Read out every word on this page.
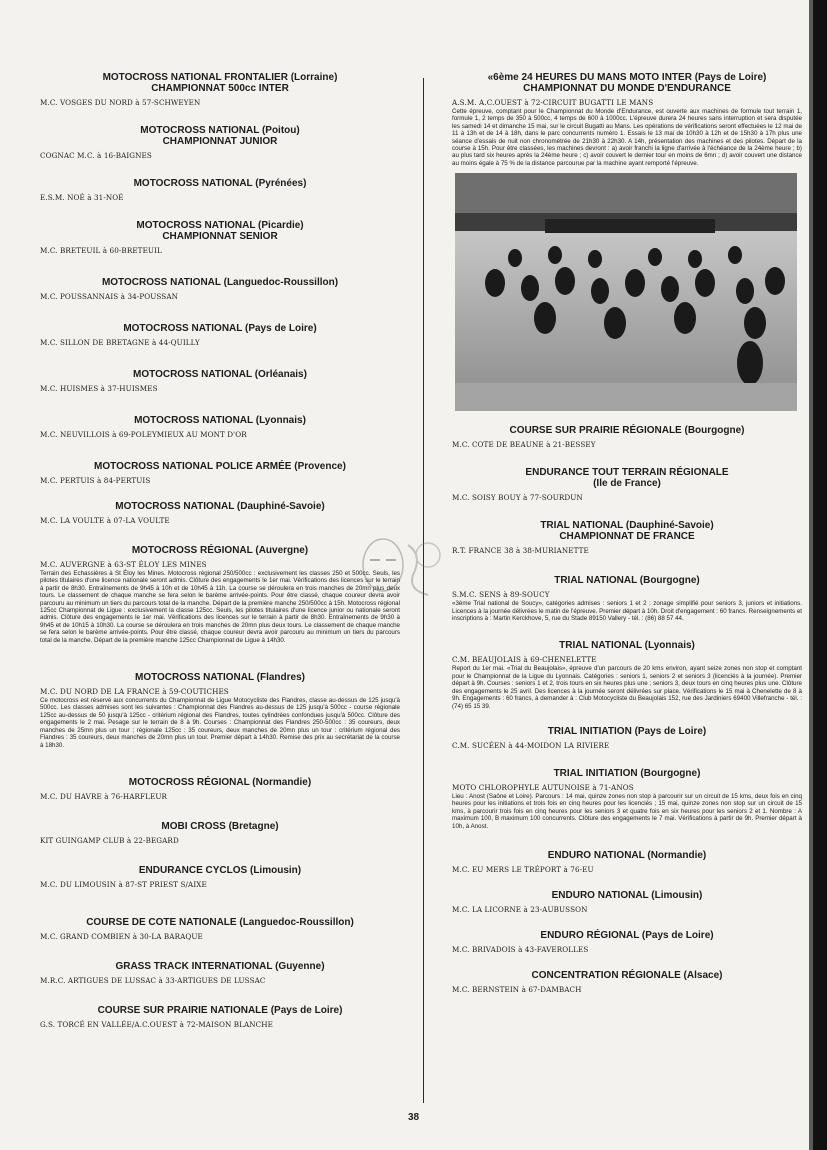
MOTOCROSS NATIONAL FRONTALIER (Lorraine)
CHAMPIONNAT 500cc INTER
M.C. VOSGES DU NORD à 57-SCHWEYEN
MOTOCROSS NATIONAL (Poitou)
CHAMPIONNAT JUNIOR
COGNAC M.C. à 16-BAIGNES
MOTOCROSS NATIONAL (Pyrénées)
E.S.M. NOÉ à 31-NOÉ
MOTOCROSS NATIONAL (Picardie)
CHAMPIONNAT SENIOR
M.C. BRETEUIL à 60-BRETEUIL
MOTOCROSS NATIONAL (Languedoc-Roussillon)
M.C. POUSSANNAIS à 34-POUSSAN
MOTOCROSS NATIONAL (Pays de Loire)
M.C. SILLON DE BRETAGNE à 44-QUILLY
MOTOCROSS NATIONAL (Orléanais)
M.C. HUISMES à 37-HUISMES
MOTOCROSS NATIONAL (Lyonnais)
M.C. NEUVILLOIS à 69-POLEYMIEUX AU MONT D'OR
MOTOCROSS NATIONAL POLICE ARMÉE (Provence)
M.C. PERTUIS à 84-PERTUIS
MOTOCROSS NATIONAL (Dauphiné-Savoie)
M.C. LA VOULTE à 07-LA VOULTE
MOTOCROSS RÉGIONAL (Auvergne)
M.C. AUVERGNE à 63-ST ÉLOY LES MINES
Terrain des Echassières à St Éloy les Mines. Motocross régional 250/500cc : exclusivement les classes 250 et 500cc. Seuls, les pilotes titulaires d'une licence nationale seront admis. Clôture des engagements le 1er mai. Vérifications des licences sur le terrain à partir de 8h30. Entraînements de 9h45 à 10h et de 10h45 à 11h. La course se déroulera en trois manches de 20mn plus deux tours. Le classement de chaque manche se fera selon le barème arrivée-points. Pour être classé, chaque coureur devra avoir parcouru au minimum un tiers du parcours total de la manche. Départ de la première manche 250/500cc à 15h. Motocross régional 125cc Championnat de Ligue : exclusivement la classe 125cc. Seuls, les pilotes titulaires d'une licence junior ou nationale seront admis. Clôture des engagements le 1er mai. Vérifications des licences sur le terrain à partir de 8h30. Entraînements de 9h30 à 9h45 et de 10h15 à 10h30. La course se déroulera en trois manches de 20mn plus deux tours. Le classement de chaque manche se fera selon le barème arrivée-points. Pour être classé, chaque coureur devra avoir parcouru au minimum un tiers du parcours total de la manche. Départ de la première manche 125cc Championnat de Ligue à 14h30.
MOTOCROSS NATIONAL (Flandres)
M.C. DU NORD DE LA FRANCE à 59-COUTICHES
Ce motocross est réservé aux concurrents du Championnat de Ligue Motocycliste des Flandres, classe au-dessus de 125 jusqu'à 500cc. Les classes admises sont les suivantes : Championnat des Flandres au-dessus de 125 jusqu'à 500cc - course régionale 125cc au-dessus de 50 jusqu'à 125cc - critérium régional des Flandres, toutes cylindrées confondues jusqu'à 500cc. Clôture des engagements le 2 mai. Pesage sur le terrain de 8 à 9h. Courses : Championnat des Flandres 250-500cc : 35 coureurs, deux manches de 25mn plus un tour ; régionale 125cc : 35 coureurs, deux manches de 20mn plus un tour : critérium régional des Flandres : 35 coureurs, deux manches de 20mn plus un tour. Premier départ à 14h30. Remise des prix au secrétariat de la course à 18h30.
MOTOCROSS RÉGIONAL (Normandie)
M.C. DU HAVRE à 76-HARFLEUR
MOBI CROSS (Bretagne)
KIT GUINGAMP CLUB à 22-BEGARD
ENDURANCE CYCLOS (Limousin)
M.C. DU LIMOUSIN à 87-ST PRIEST S/AIXE
COURSE DE COTE NATIONALE (Languedoc-Roussillon)
M.C. GRAND COMBIEN à 30-LA BARAQUE
GRASS TRACK INTERNATIONAL (Guyenne)
M.R.C. ARTIGUES DE LUSSAC à 33-ARTIGUES DE LUSSAC
COURSE SUR PRAIRIE NATIONALE (Pays de Loire)
G.S. TORCÉ EN VALLÉE/A.C.OUEST à 72-MAISON BLANCHE
«6ème 24 HEURES DU MANS MOTO INTER (Pays de Loire)
CHAMPIONNAT DU MONDE D'ENDURANCE
A.S.M. A.C.OUEST à 72-CIRCUIT BUGATTI LE MANS
Cette épreuve, comptant pour le Championnat du Monde d'Endurance, est ouverte aux machines de formule tout terrain 1, formule 1, 2 temps de 350 à 500cc, 4 temps de 600 à 1000cc. L'épreuve durera 24 heures sans interruption et sera disputée les samedi 14 et dimanche 15 mai, sur le circuit Bugatti au Mans. Les opérations de vérifications seront effectuées le 12 mai de 11 à 13h et de 14 à 18h, dans le parc concurrents numéro 1. Essais le 13 mai de 10h30 à 12h et de 15h30 à 17h plus une séance d'essais de nuit non chronométrée de 21h30 à 22h30. A 14h, présentation des machines et des pilotes. Départ de la course à 15h. Pour être classées, les machines devront : a) avoir franchi la ligne d'arrivée à l'échéance de la 24ème heure ; b) au plus tard six heures après la 24ème heure ; c) avoir couvert le dernier tour en moins de 6mn ; d) avoir couvert une distance au moins égale à 75 % de la distance parcourue par la machine ayant remporté l'épreuve.
COURSE SUR PRAIRIE RÉGIONALE (Bourgogne)
M.C. COTE DE BEAUNE à 21-BESSEY
ENDURANCE TOUT TERRAIN RÉGIONALE
(Ile de France)
M.C. SOISY BOUY à 77-SOURDUN
TRIAL NATIONAL (Dauphiné-Savoie)
CHAMPIONNAT DE FRANCE
R.T. FRANCE 38 à 38-MURIANETTE
TRIAL NATIONAL (Bourgogne)
S.M.C. SENS à 89-SOUCY
«3ème Trial national de Soucy», catégories admises : seniors 1 et 2 ; zonage simplifié pour seniors 3, juniors et initiations. Licences à la journée délivrées le matin de l'épreuve. Premier départ à 10h. Droit d'engagement : 60 francs. Renseignements et inscriptions à : Martin Kerckhove, 5, rue du Stade 89150 Vallery - tél. : (86) 88 57 44.
TRIAL NATIONAL (Lyonnais)
C.M. BEAUJOLAIS à 69-CHENELETTE
Report du 1er mai. «Trial du Beaujolais», épreuve d'un parcours de 20 kms environ, ayant seize zones non stop et comptant pour le Championnat de la Ligue du Lyonnais. Catégories : seniors 1, seniors 2 et seniors 3 (licenciés à la journée). Premier départ à 9h. Courses : seniors 1 et 2, trois tours en six heures plus une ; seniors 3, deux tours en cinq heures plus une. Clôture des engagements le 25 avril. Des licences à la journée seront délivrées sur place. Vérifications le 15 mai à Chenelette de 8 à 9h. Engagements : 60 francs, à demander à : Club Motocycliste du Beaujolais 152, rue des Jardiniers 69400 Villefranche - tél. : (74) 65 15 39.
TRIAL INITIATION (Pays de Loire)
C.M. SUCÉEN à 44-MOIDON LA RIVIERE
TRIAL INITIATION (Bourgogne)
MOTO CHLOROPHYLE AUTUNOISE à 71-ANOS
Lieu : Anost (Saône et Loire). Parcours : 14 mai, quinze zones non stop à parcourir sur un circuit de 15 kms, deux fois en cinq heures pour les initiations et trois fois en cinq heures pour les licenciés ; 15 mai, quinze zones non stop sur un circuit de 15 kms, à parcourir trois fois en cinq heures pour les seniors 3 et quatre fois en six heures pour les seniors 2 et 1. Nombre : A maximum 100, B maximum 100 concurrents. Clôture des engagements le 7 mai. Vérifications à partir de 9h. Premier départ à 10h, à Anost.
ENDURO NATIONAL (Normandie)
M.C. EU MERS LE TRÉPORT à 76-EU
ENDURO NATIONAL (Limousin)
M.C. LA LICORNE à 23-AUBUSSON
ENDURO RÉGIONAL (Pays de Loire)
M.C. BRIVADOIS à 43-FAVEROLLES
CONCENTRATION RÉGIONALE (Alsace)
M.C. BERNSTEIN à 67-DAMBACH
38
